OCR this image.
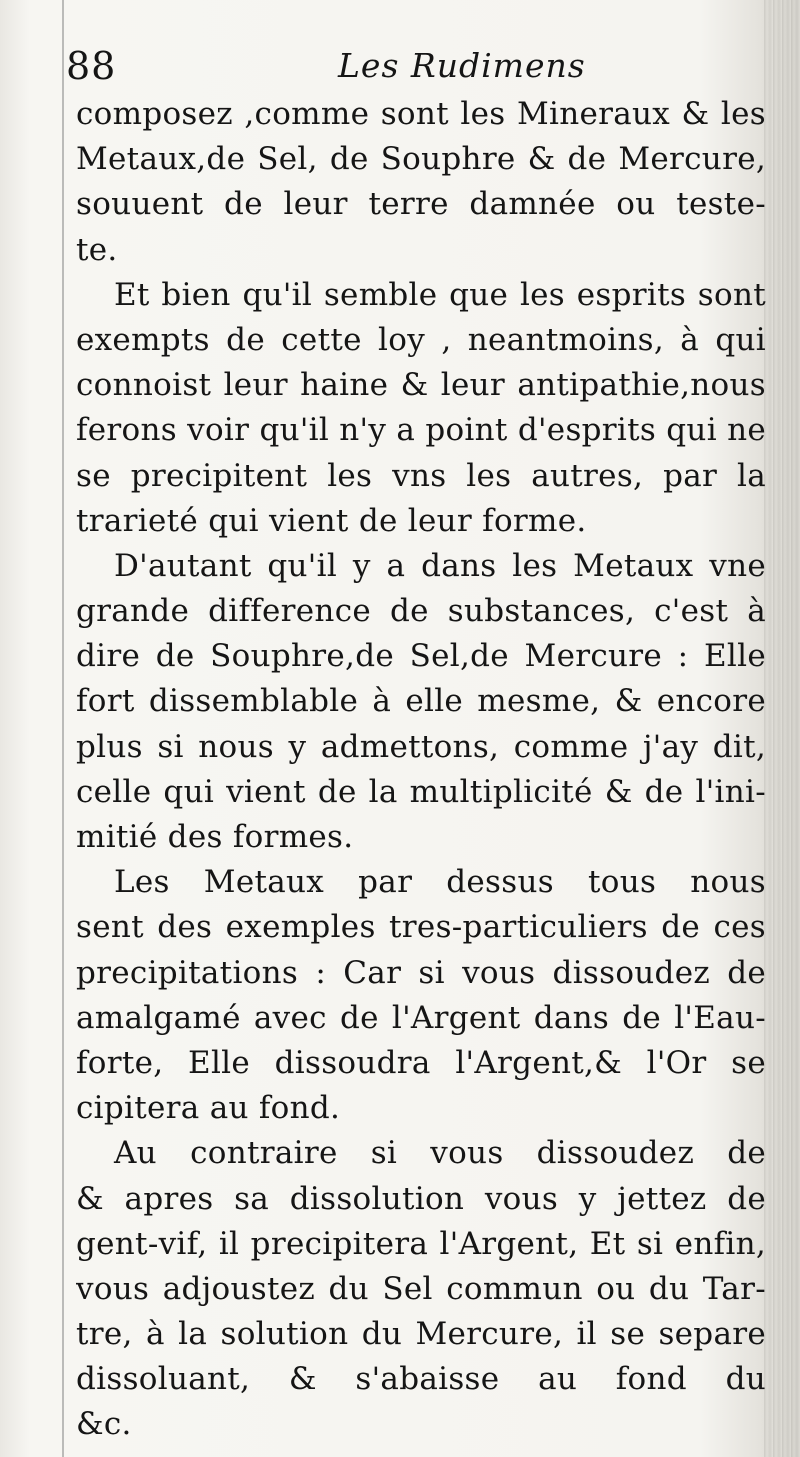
88	Les Rudimens
composez ,comme sont les Mineraux & les
Metaux,de Sel, de Souphre & de Mercure,
souuent de leur terre damnée ou teste-
te.
Et bien qu'il semble que les esprits sont
exempts de cette loy , neantmoins, à qui
connoist leur haine & leur antipathie,nous
ferons voir qu'il n'y a point d'esprits qui ne
se precipitent les vns les autres, par la
trarieté qui vient de leur forme.
D'autant qu'il y a dans les Metaux vne
grande difference de substances, c'est à
dire de Souphre,de Sel,de Mercure : Elle
fort dissemblable à elle mesme, & encore
plus si nous y admettons, comme j'ay dit,
celle qui vient de la multiplicité & de l'ini-
mitié des formes.
Les Metaux par dessus tous nous
sent des exemples tres-particuliers de ces
precipitations : Car si vous dissoudez de
amalgamé avec de l'Argent dans de l'Eau-
forte, Elle dissoudra l'Argent,& l'Or se
cipitera au fond.
Au contraire si vous dissoudez de
& apres sa dissolution vous y jettez de
gent-vif, il precipitera l'Argent, Et si enfin,
vous adjoustez du Sel commun ou du Tar-
tre, à la solution du Mercure, il se separe
dissoluant, & s'abaisse au fond du
&c.
